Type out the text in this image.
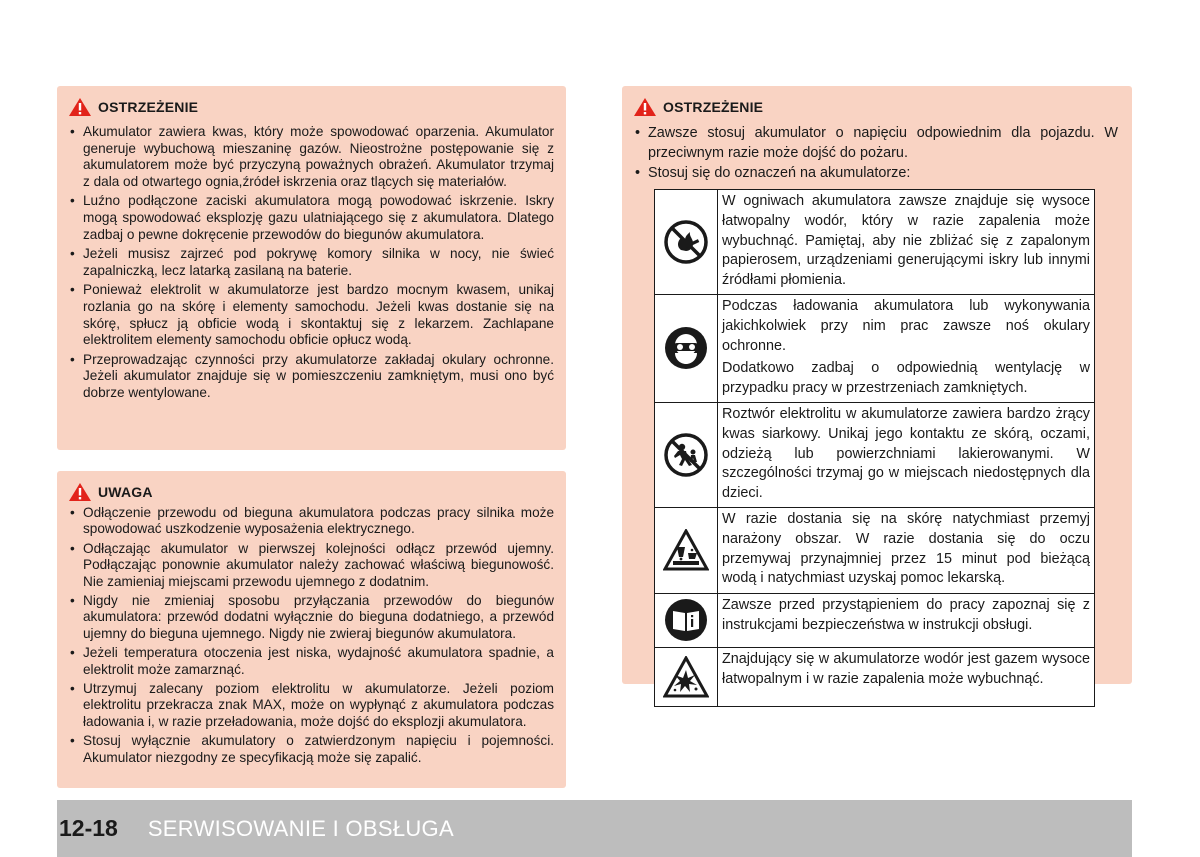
OSTRZEŻENIE
• Akumulator zawiera kwas, który może spowodować oparzenia. Akumulator generuje wybuchową mieszaninę gazów. Nieostrożne postępowanie się z akumulatorem może być przyczyną poważnych obrażeń. Akumulator trzymaj z dala od otwartego ognia,źródeł iskrzenia oraz tlących się materiałów.
• Luźno podłączone zaciski akumulatora mogą powodować iskrzenie. Iskry mogą spowodować eksplozję gazu ulatniającego się z akumulatora. Dlatego zadbaj o pewne dokręcenie przewodów do biegunów akumulatora.
• Jeżeli musisz zajrzeć pod pokrywę komory silnika w nocy, nie świeć zapalniczką, lecz latarką zasilaną na baterie.
• Ponieważ elektrolit w akumulatorze jest bardzo mocnym kwasem, unikaj rozlania go na skórę i elementy samochodu. Jeżeli kwas dostanie się na skórę, spłucz ją obficie wodą i skontaktuj się z lekarzem. Zachlapane elektrolitem elementy samochodu obficie opłucz wodą.
• Przeprowadzając czynności przy akumulatorze zakładaj okulary ochronne. Jeżeli akumulator znajduje się w pomieszczeniu zamkniętym, musi ono być dobrze wentylowane.
UWAGA
• Odłączenie przewodu od bieguna akumulatora podczas pracy silnika może spowodować uszkodzenie wyposażenia elektrycznego.
• Odłączając akumulator w pierwszej kolejności odłącz przewód ujemny. Podłączając ponownie akumulator należy zachować właściwą biegunowość. Nie zamieniaj miejscami przewodu ujemnego z dodatnim.
• Nigdy nie zmieniaj sposobu przyłączania przewodów do biegunów akumulatora: przewód dodatni wyłącznie do bieguna dodatniego, a przewód ujemny do bieguna ujemnego. Nigdy nie zwieraj biegunów akumulatora.
• Jeżeli temperatura otoczenia jest niska, wydajność akumulatora spadnie, a elektrolit może zamarznąć.
• Utrzymuj zalecany poziom elektrolitu w akumulatorze. Jeżeli poziom elektrolitu przekracza znak MAX, może on wypłynąć z akumulatora podczas ładowania i, w razie przeładowania, może dojść do eksplozji akumulatora.
• Stosuj wyłącznie akumulatory o zatwierdzonym napięciu i pojemności. Akumulator niezgodny ze specyfikacją może się zapalić.
OSTRZEŻENIE
• Zawsze stosuj akumulator o napięciu odpowiednim dla pojazdu. W przeciwnym razie może dojść do pożaru.
• Stosuj się do oznaczeń na akumulatorze:
	W ogniwach akumulatora zawsze znajduje się wysoce łatwopalny wodór, który w razie zapalenia może wybuchnąć. Pamiętaj, aby nie zbliżać się z zapalonym papierosem, urządzeniami generującymi iskry lub innymi źródłami płomienia.

Podczas ładowania akumulatora lub wykonywania jakichkolwiek przy nim prac zawsze noś okulary ochronne.
Dodatkowo zadbaj o odpowiednią wentylację w przypadku pracy w przestrzeniach zamkniętych.

	Roztwór elektrolitu w akumulatorze zawiera bardzo żrący kwas siarkowy. Unikaj jego kontaktu ze skórą, oczami, odzieżą lub powierzchniami lakierowanymi. W szczególności trzymaj go w miejscach niedostępnych dla dzieci.

	W razie dostania się na skórę natychmiast przemyj narażony obszar. W razie dostania się do oczu przemywaj przynajmniej przez 15 minut pod bieżącą wodą i natychmiast uzyskaj pomoc lekarską.

	Zawsze przed przystąpieniem do pracy zapoznaj się z instrukcjami bezpieczeństwa w instrukcji obsługi.

	Znajdujący się w akumulatorze wodór jest gazem wysoce łatwopalnym i w razie zapalenia może wybuchnąć.
12-18 SERWISOWANIE I OBSŁUGA
